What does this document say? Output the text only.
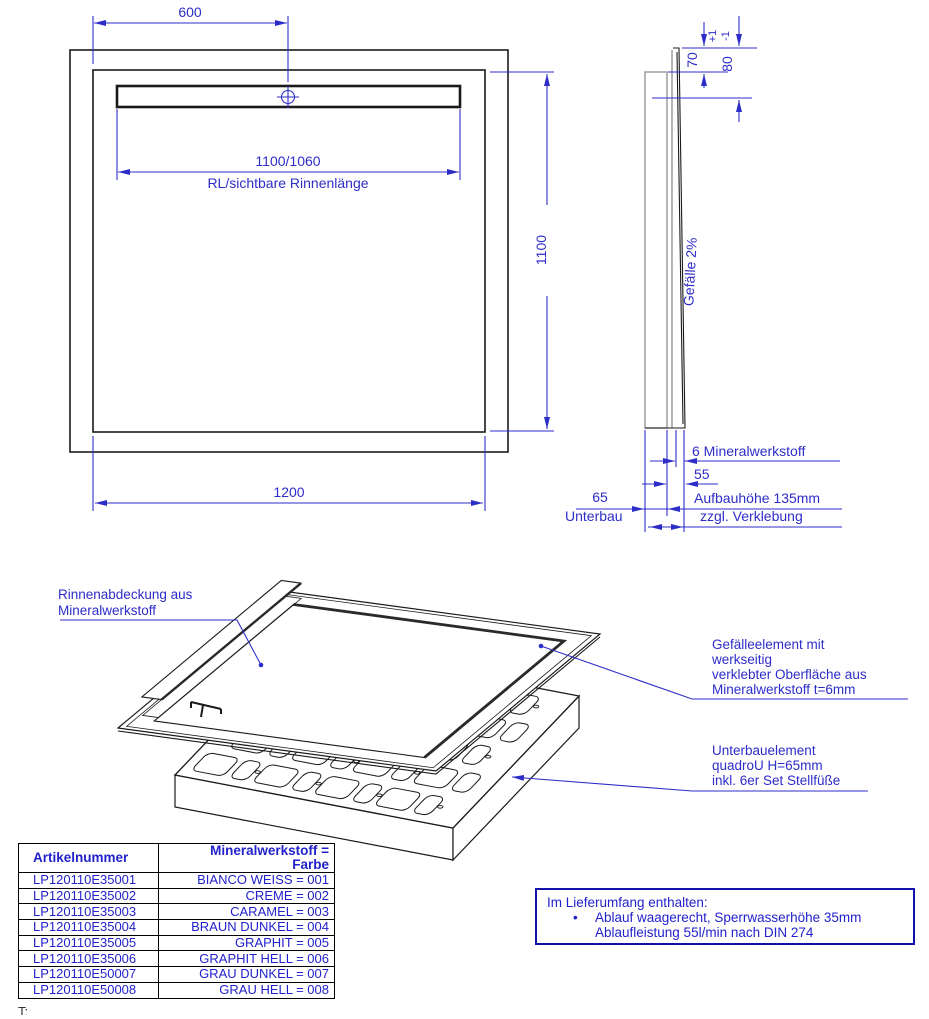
600
1100/1060
RL/sichtbare Rinnenlänge
1100
1200
Gefälle 2%
70 80
+1 -1
6 Mineralwerkstoff
55
65	Aufbauhöhe 135mm
Unterbau	zzgl. Verklebung
Rinnenabdeckung aus
Mineralwerkstoff
Gefälleelement mit
werkseitig
verklebter Oberfläche aus
Mineralwerkstoff t=6mm
Unterbauelement
quadroU H=65mm
inkl. 6er Set Stellfüße
Artikelnummer	Mineralwerkstoff =
Farbe
LP120110E35001	BIANCO WEISS = 001
LP120110E35002	CREME = 002
LP120110E35003	CARAMEL = 003
LP120110E35004	BRAUN DUNKEL = 004
LP120110E35005	GRAPHIT = 005
LP120110E35006	GRAPHIT HELL = 006
LP120110E50007	GRAU DUNKEL = 007
LP120110E50008	GRAU HELL = 008
Im Lieferumfang enthalten:
•	Ablauf waagerecht, Sperrwasserhöhe 35mm
Ablaufleistung 55l/min nach DIN 274
T:
